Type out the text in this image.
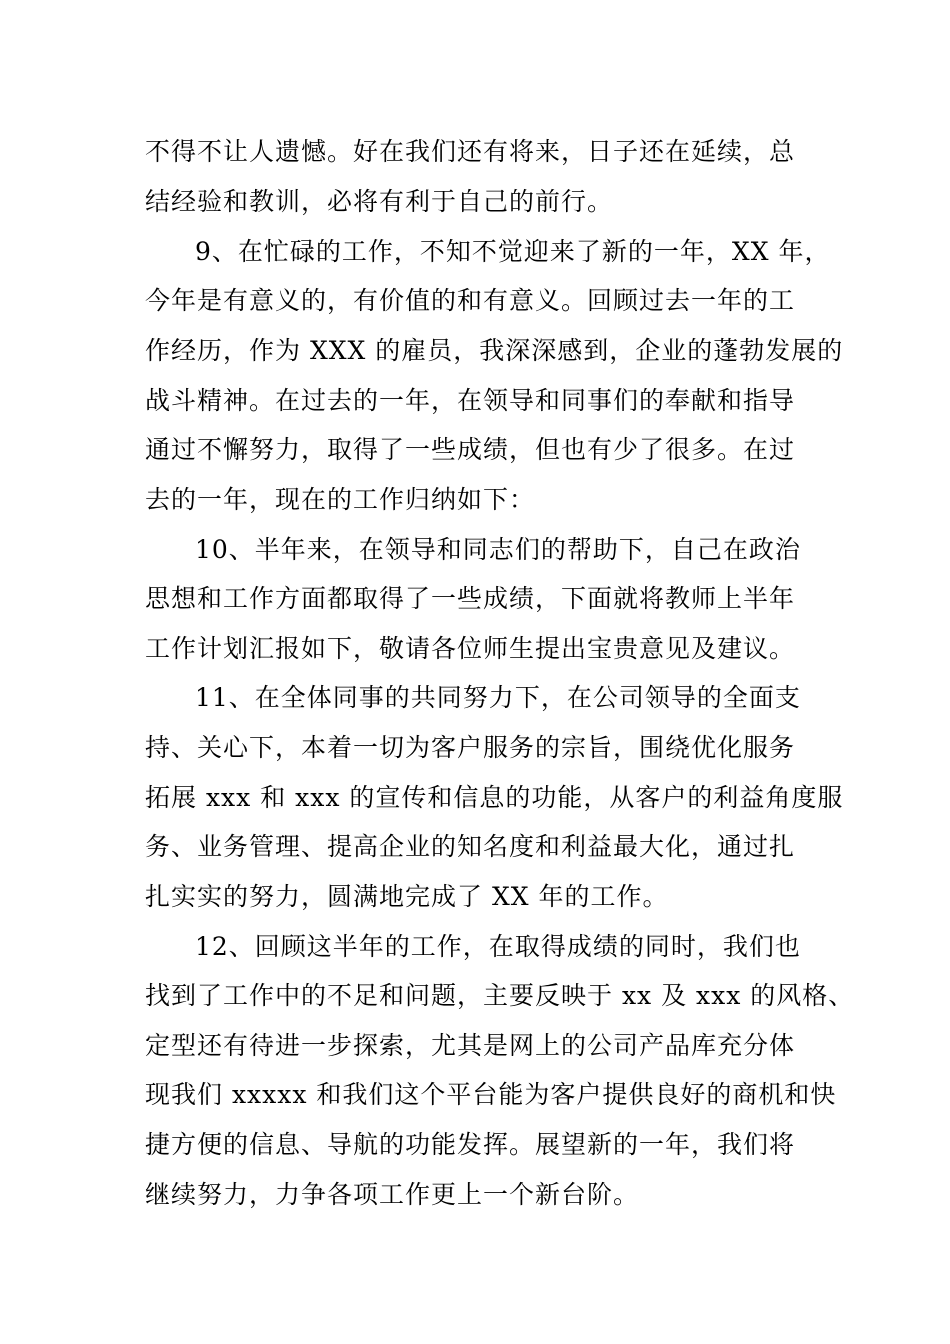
不得不让人遗憾。好在我们还有将来，日子还在延续，总
结经验和教训，必将有利于自己的前行。
9、在忙碌的工作，不知不觉迎来了新的一年，XX 年，
今年是有意义的，有价值的和有意义。回顾过去一年的工
作经历，作为 XXX 的雇员，我深深感到，企业的蓬勃发展的
战斗精神。在过去的一年，在领导和同事们的奉献和指导
通过不懈努力，取得了一些成绩，但也有少了很多。在过
去的一年，现在的工作归纳如下：
10、半年来，在领导和同志们的帮助下，自己在政治
思想和工作方面都取得了一些成绩，下面就将教师上半年
工作计划汇报如下，敬请各位师生提出宝贵意见及建议。
11、在全体同事的共同努力下，在公司领导的全面支
持、关心下，本着一切为客户服务的宗旨，围绕优化服务
拓展 xxx 和 xxx 的宣传和信息的功能，从客户的利益角度服
务、业务管理、提高企业的知名度和利益最大化，通过扎
扎实实的努力，圆满地完成了 XX 年的工作。
12、回顾这半年的工作，在取得成绩的同时，我们也
找到了工作中的不足和问题，主要反映于 xx 及 xxx 的风格、
定型还有待进一步探索，尤其是网上的公司产品库充分体
现我们 xxxxx 和我们这个平台能为客户提供良好的商机和快
捷方便的信息、导航的功能发挥。展望新的一年，我们将
继续努力，力争各项工作更上一个新台阶。
